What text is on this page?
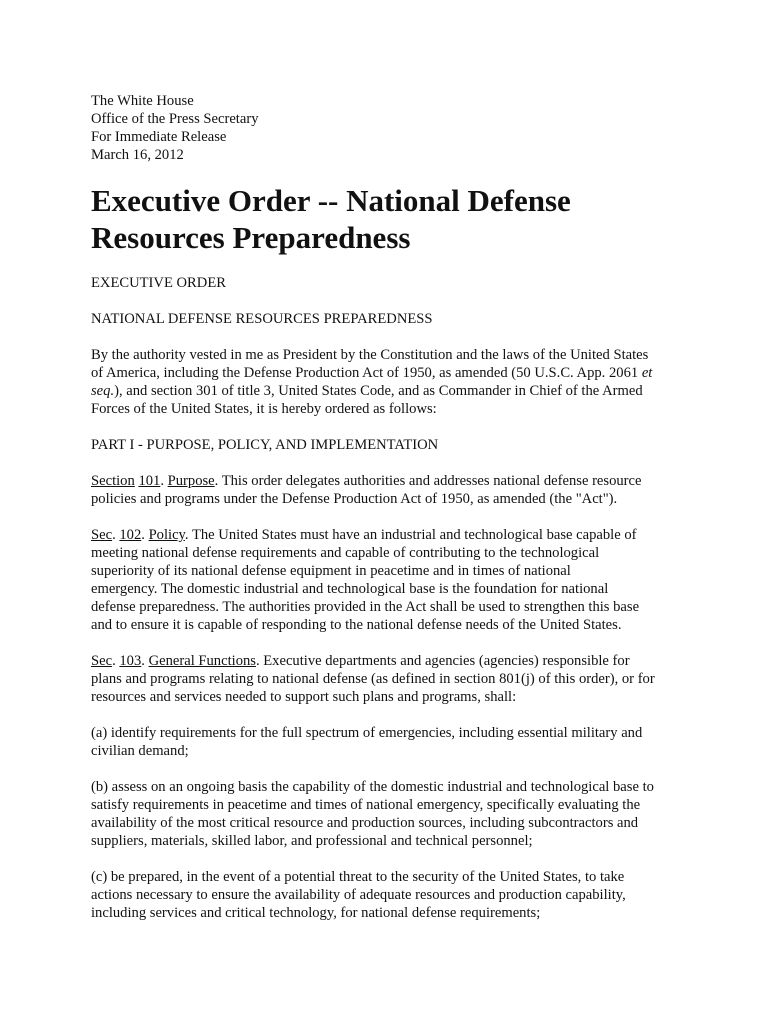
The White House
Office of the Press Secretary
For Immediate Release
March 16, 2012
Executive Order -- National Defense
Resources Preparedness
EXECUTIVE ORDER
NATIONAL DEFENSE RESOURCES PREPAREDNESS
By the authority vested in me as President by the Constitution and the laws of the United States
of America, including the Defense Production Act of 1950, as amended (50 U.S.C. App. 2061 et
seq.), and section 301 of title 3, United States Code, and as Commander in Chief of the Armed
Forces of the United States, it is hereby ordered as follows:
PART I - PURPOSE, POLICY, AND IMPLEMENTATION
Section 101. Purpose. This order delegates authorities and addresses national defense resource
policies and programs under the Defense Production Act of 1950, as amended (the "Act").
Sec. 102. Policy. The United States must have an industrial and technological base capable of
meeting national defense requirements and capable of contributing to the technological
superiority of its national defense equipment in peacetime and in times of national
emergency. The domestic industrial and technological base is the foundation for national
defense preparedness. The authorities provided in the Act shall be used to strengthen this base
and to ensure it is capable of responding to the national defense needs of the United States.
Sec. 103. General Functions. Executive departments and agencies (agencies) responsible for
plans and programs relating to national defense (as defined in section 801(j) of this order), or for
resources and services needed to support such plans and programs, shall:
(a) identify requirements for the full spectrum of emergencies, including essential military and
civilian demand;
(b) assess on an ongoing basis the capability of the domestic industrial and technological base to
satisfy requirements in peacetime and times of national emergency, specifically evaluating the
availability of the most critical resource and production sources, including subcontractors and
suppliers, materials, skilled labor, and professional and technical personnel;
(c) be prepared, in the event of a potential threat to the security of the United States, to take
actions necessary to ensure the availability of adequate resources and production capability,
including services and critical technology, for national defense requirements;
